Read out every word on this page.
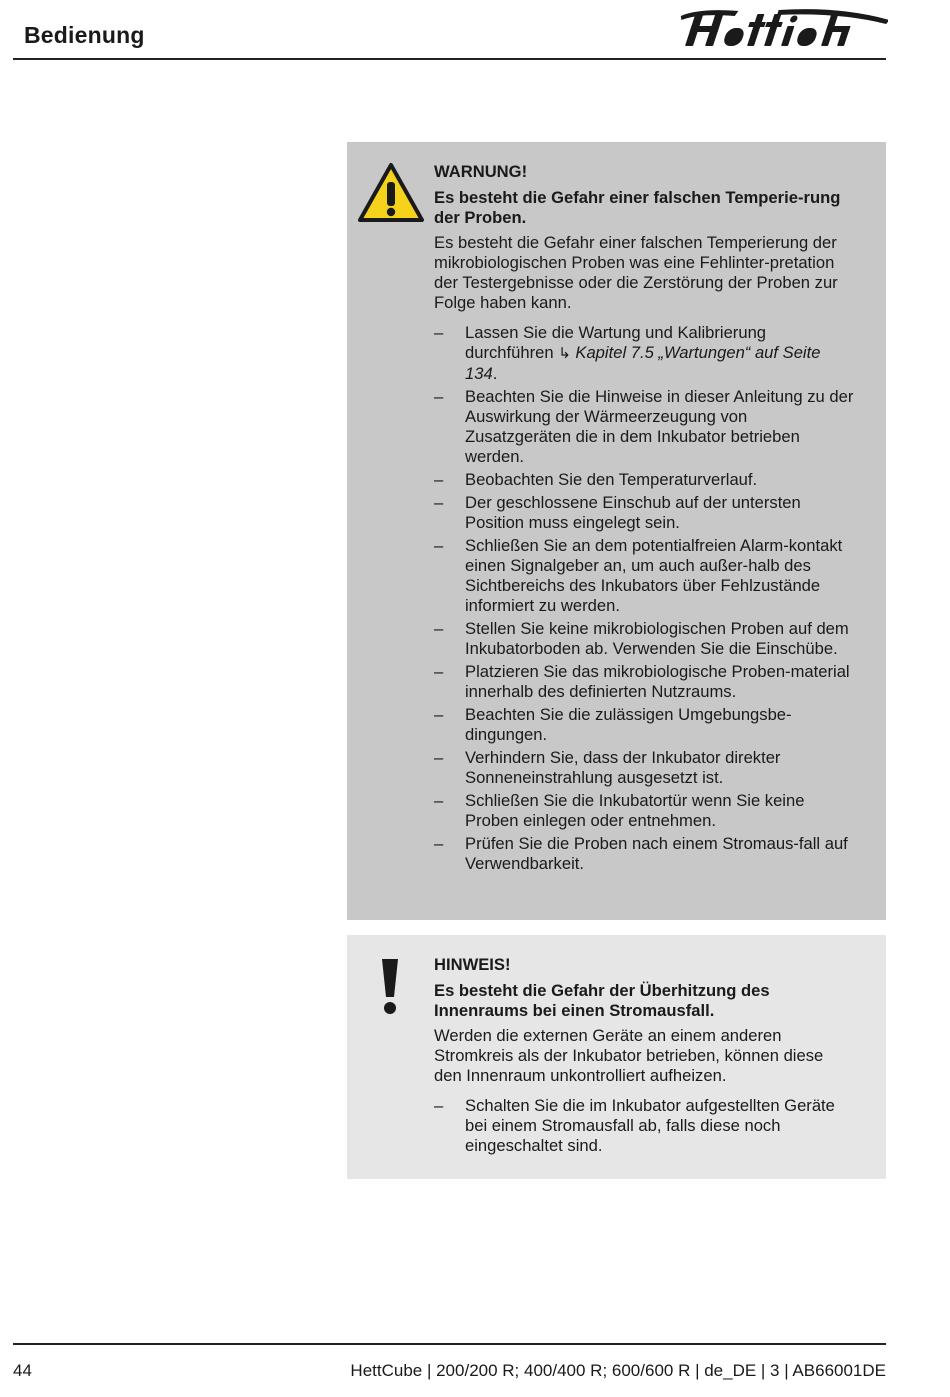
Bedienung

WARNUNG!

Es besteht die Gefahr einer falschen Temperie-rung der Proben.

Es besteht die Gefahr einer falschen Temperierung der mikrobiologischen Proben was eine Fehlinter-pretation der Testergebnisse oder die Zerstörung der Proben zur Folge haben kann.

– Lassen Sie die Wartung und Kalibrierung durchführen ↳ Kapitel 7.5 „Wartungen“ auf Seite 134.
– Beachten Sie die Hinweise in dieser Anleitung zu der Auswirkung der Wärmeerzeugung von Zusatzgeräten die in dem Inkubator betrieben werden.
– Beobachten Sie den Temperaturverlauf.
– Der geschlossene Einschub auf der untersten Position muss eingelegt sein.
– Schließen Sie an dem potentialfreien Alarm-kontakt einen Signalgeber an, um auch außer-halb des Sichtbereichs des Inkubators über Fehlzustände informiert zu werden.
– Stellen Sie keine mikrobiologischen Proben auf dem Inkubatorboden ab. Verwenden Sie die Einschübe.
– Platzieren Sie das mikrobiologische Proben-material innerhalb des definierten Nutzraums.
– Beachten Sie die zulässigen Umgebungsbe-dingungen.
– Verhindern Sie, dass der Inkubator direkter Sonneneinstrahlung ausgesetzt ist.
– Schließen Sie die Inkubatortür wenn Sie keine Proben einlegen oder entnehmen.
– Prüfen Sie die Proben nach einem Stromaus-fall auf Verwendbarkeit.

HINWEIS!

Es besteht die Gefahr der Überhitzung des Innenraums bei einen Stromausfall.

Werden die externen Geräte an einem anderen Stromkreis als der Inkubator betrieben, können diese den Innenraum unkontrolliert aufheizen.

– Schalten Sie die im Inkubator aufgestellten Geräte bei einem Stromausfall ab, falls diese noch eingeschaltet sind.
44	HettCube | 200/200 R; 400/400 R; 600/600 R | de_DE | 3 | AB66001DE
